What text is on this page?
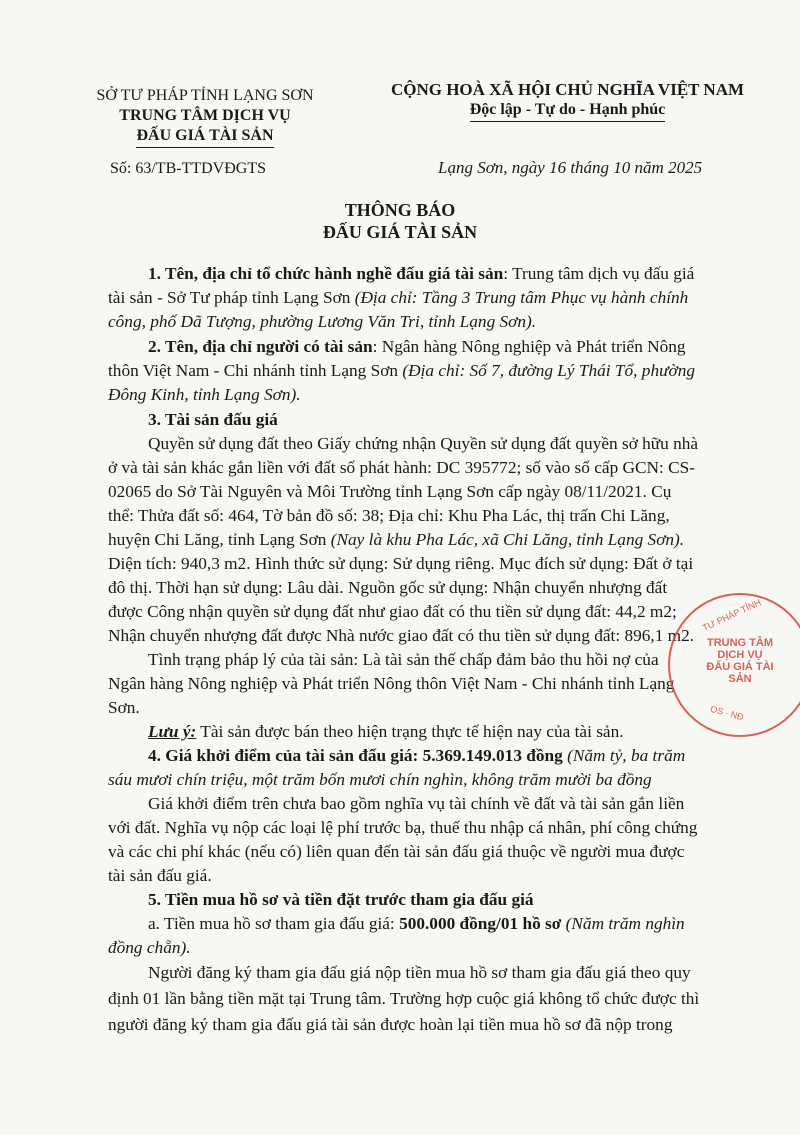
SỞ TƯ PHÁP TỈNH LẠNG SƠN
TRUNG TÂM DỊCH VỤ
ĐẤU GIÁ TÀI SẢN
CỘNG HOÀ XÃ HỘI CHỦ NGHĨA VIỆT NAM
Độc lập - Tự do - Hạnh phúc
Số: 63/TB-TTDVĐGTS	Lạng Sơn, ngày 16 tháng 10 năm 2025
THÔNG BÁO
ĐẤU GIÁ TÀI SẢN
1. Tên, địa chỉ tổ chức hành nghề đấu giá tài sản: Trung tâm dịch vụ đấu giá
tài sản - Sở Tư pháp tỉnh Lạng Sơn (Địa chỉ: Tầng 3 Trung tâm Phục vụ hành chính
công, phố Dã Tượng, phường Lương Văn Tri, tỉnh Lạng Sơn).
2. Tên, địa chỉ người có tài sản: Ngân hàng Nông nghiệp và Phát triển Nông
thôn Việt Nam - Chi nhánh tỉnh Lạng Sơn (Địa chỉ: Số 7, đường Lý Thái Tổ, phường
Đông Kinh, tỉnh Lạng Sơn).
3. Tài sản đấu giá
Quyền sử dụng đất theo Giấy chứng nhận Quyền sử dụng đất quyền sở hữu nhà
ở và tài sản khác gắn liền với đất số phát hành: DC 395772; số vào sổ cấp GCN: CS-
02065 do Sở Tài Nguyên và Môi Trường tỉnh Lạng Sơn cấp ngày 08/11/2021. Cụ
thể: Thửa đất số: 464, Tờ bản đồ số: 38; Địa chỉ: Khu Pha Lác, thị trấn Chi Lăng,
huyện Chi Lăng, tỉnh Lạng Sơn (Nay là khu Pha Lác, xã Chi Lăng, tỉnh Lạng Sơn).
Diện tích: 940,3 m2. Hình thức sử dụng: Sử dụng riêng. Mục đích sử dụng: Đất ở tại
đô thị. Thời hạn sử dụng: Lâu dài. Nguồn gốc sử dụng: Nhận chuyển nhượng đất
được Công nhận quyền sử dụng đất như giao đất có thu tiền sử dụng đất: 44,2 m2;
Nhận chuyển nhượng đất được Nhà nước giao đất có thu tiền sử dụng đất: 896,1 m2.
Tình trạng pháp lý của tài sản: Là tài sản thế chấp đảm bảo thu hồi nợ của
Ngân hàng Nông nghiệp và Phát triển Nông thôn Việt Nam - Chi nhánh tỉnh Lạng
Sơn.
Lưu ý: Tài sản được bán theo hiện trạng thực tế hiện nay của tài sản.
4. Giá khởi điểm của tài sản đấu giá: 5.369.149.013 đồng (Năm tỷ, ba trăm
sáu mươi chín triệu, một trăm bốn mươi chín nghìn, không trăm mười ba đồng
Giá khởi điểm trên chưa bao gồm nghĩa vụ tài chính về đất và tài sản gắn liền
với đất. Nghĩa vụ nộp các loại lệ phí trước bạ, thuế thu nhập cá nhân, phí công chứng
và các chi phí khác (nếu có) liên quan đến tài sản đấu giá thuộc về người mua được
tài sản đấu giá.
5. Tiền mua hồ sơ và tiền đặt trước tham gia đấu giá
a. Tiền mua hồ sơ tham gia đấu giá: 500.000 đồng/01 hồ sơ (Năm trăm nghìn
đồng chẵn).
Người đăng ký tham gia đấu giá nộp tiền mua hồ sơ tham gia đấu giá theo quy
định 01 lần bằng tiền mặt tại Trung tâm. Trường hợp cuộc giá không tổ chức được thì
người đăng ký tham gia đấu giá tài sản được hoàn lại tiền mua hồ sơ đã nộp trong
TƯ PHÁP TỈNH
TRUNG TÂM
DỊCH VỤ
ĐẤU GIÁ TÀI SẢN
OS · NĐ
